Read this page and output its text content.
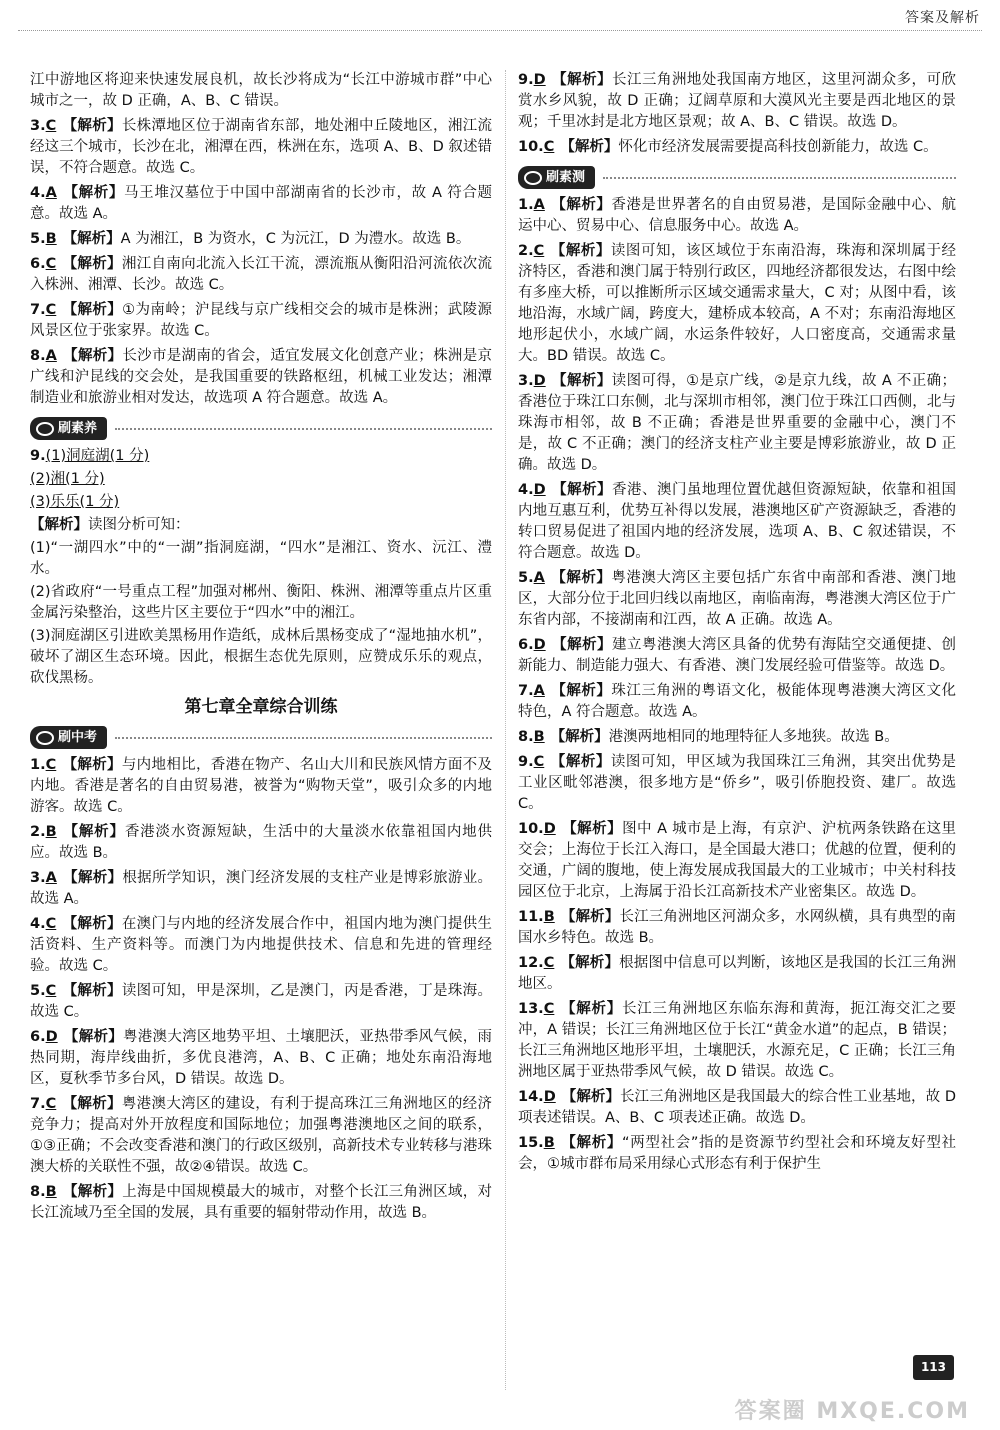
答案及解析
江中游地区将迎来快速发展良机，故长沙将成为“长江中游城市群”中心城市之一，故 D 正确，A、B、C 错误。
3.C 【解析】长株潭地区位于湖南省东部，地处湘中丘陵地区，湘江流经这三个城市，长沙在北，湘潭在西，株洲在东，选项 A、B、D 叙述错误，不符合题意。故选 C。
4.A 【解析】马王堆汉墓位于中国中部湖南省的长沙市，故 A 符合题意。故选 A。
5.B 【解析】A 为湘江，B 为资水，C 为沅江，D 为澧水。故选 B。
6.C 【解析】湘江自南向北流入长江干流，漂流瓶从衡阳沿河流依次流入株洲、湘潭、长沙。故选 C。
7.C 【解析】①为南岭；沪昆线与京广线相交会的城市是株洲；武陵源风景区位于张家界。故选 C。
8.A 【解析】长沙市是湖南的省会，适宜发展文化创意产业；株洲是京广线和沪昆线的交会处，是我国重要的铁路枢纽，机械工业发达；湘潭制造业和旅游业相对发达，故选项 A 符合题意。故选 A。
刷素养
9.(1)洞庭湖(1 分)
(2)湘(1 分)
(3)乐乐(1 分)
【解析】读图分析可知：
(1)“一湖四水”中的“一湖”指洞庭湖，“四水”是湘江、资水、沅江、澧水。
(2)省政府“一号重点工程”加强对郴州、衡阳、株洲、湘潭等重点片区重金属污染整治，这些片区主要位于“四水”中的湘江。
(3)洞庭湖区引进欧美黑杨用作造纸，成林后黑杨变成了“湿地抽水机”，破坏了湖区生态环境。因此，根据生态优先原则，应赞成乐乐的观点，砍伐黑杨。
第七章全章综合训练
刷中考
1.C 【解析】与内地相比，香港在物产、名山大川和民族风情方面不及内地。香港是著名的自由贸易港，被誉为“购物天堂”，吸引众多的内地游客。故选 C。
2.B 【解析】香港淡水资源短缺，生活中的大量淡水依靠祖国内地供应。故选 B。
3.A 【解析】根据所学知识，澳门经济发展的支柱产业是博彩旅游业。故选 A。
4.C 【解析】在澳门与内地的经济发展合作中，祖国内地为澳门提供生活资料、生产资料等。而澳门为内地提供技术、信息和先进的管理经验。故选 C。
5.C 【解析】读图可知，甲是深圳，乙是澳门，丙是香港，丁是珠海。故选 C。
6.D 【解析】粤港澳大湾区地势平坦、土壤肥沃，亚热带季风气候，雨热同期，海岸线曲折，多优良港湾，A、B、C 正确；地处东南沿海地区，夏秋季节多台风，D 错误。故选 D。
7.C 【解析】粤港澳大湾区的建设，有利于提高珠江三角洲地区的经济竞争力；提高对外开放程度和国际地位；加强粤港澳地区之间的联系，①③正确；不会改变香港和澳门的行政区级别，高新技术专业转移与港珠澳大桥的关联性不强，故②④错误。故选 C。
8.B 【解析】上海是中国规模最大的城市，对整个长江三角洲区域，对长江流域乃至全国的发展，具有重要的辐射带动作用，故选 B。
9.D 【解析】长江三角洲地处我国南方地区，这里河湖众多，可欣赏水乡风貌，故 D 正确；辽阔草原和大漠风光主要是西北地区的景观；千里冰封是北方地区景观；故 A、B、C 错误。故选 D。
10.C 【解析】怀化市经济发展需要提高科技创新能力，故选 C。
刷素测
1.A 【解析】香港是世界著名的自由贸易港，是国际金融中心、航运中心、贸易中心、信息服务中心。故选 A。
2.C 【解析】读图可知，该区域位于东南沿海，珠海和深圳属于经济特区，香港和澳门属于特别行政区，四地经济都很发达，右图中绘有多座大桥，可以推断所示区域交通需求量大，C 对；从图中看，该地沿海，水域广阔，跨度大，建桥成本较高，A 不对；东南沿海地区地形起伏小，水域广阔，水运条件较好，人口密度高，交通需求量大。BD 错误。故选 C。
3.D 【解析】读图可得，①是京广线，②是京九线，故 A 不正确；香港位于珠江口东侧，北与深圳市相邻，澳门位于珠江口西侧，北与珠海市相邻，故 B 不正确；香港是世界重要的金融中心，澳门不是，故 C 不正确；澳门的经济支柱产业主要是博彩旅游业，故 D 正确。故选 D。
4.D 【解析】香港、澳门虽地理位置优越但资源短缺，依靠和祖国内地互惠互利，优势互补得以发展，港澳地区矿产资源缺乏，香港的转口贸易促进了祖国内地的经济发展，选项 A、B、C 叙述错误，不符合题意。故选 D。
5.A 【解析】粤港澳大湾区主要包括广东省中南部和香港、澳门地区，大部分位于北回归线以南地区，南临南海，粤港澳大湾区位于广东省内部，不接湖南和江西，故 A 正确。故选 A。
6.D 【解析】建立粤港澳大湾区具备的优势有海陆空交通便捷、创新能力、制造能力强大、有香港、澳门发展经验可借鉴等。故选 D。
7.A 【解析】珠江三角洲的粤语文化，极能体现粤港澳大湾区文化特色，A 符合题意。故选 A。
8.B 【解析】港澳两地相同的地理特征人多地狭。故选 B。
9.C 【解析】读图可知，甲区域为我国珠江三角洲，其突出优势是工业区毗邻港澳，很多地方是“侨乡”，吸引侨胞投资、建厂。故选 C。
10.D 【解析】图中 A 城市是上海，有京沪、沪杭两条铁路在这里交会；上海位于长江入海口，是全国最大港口；优越的位置，便利的交通，广阔的腹地，使上海发展成我国最大的工业城市；中关村科技园区位于北京，上海属于沿长江高新技术产业密集区。故选 D。
11.B 【解析】长江三角洲地区河湖众多，水网纵横，具有典型的南国水乡特色。故选 B。
12.C 【解析】根据图中信息可以判断，该地区是我国的长江三角洲地区。
13.C 【解析】长江三角洲地区东临东海和黄海，扼江海交汇之要冲，A 错误；长江三角洲地区位于长江“黄金水道”的起点，B 错误；长江三角洲地区地形平坦，土壤肥沃，水源充足，C 正确；长江三角洲地区属于亚热带季风气候，故 D 错误。故选 C。
14.D 【解析】长江三角洲地区是我国最大的综合性工业基地，故 D 项表述错误。A、B、C 项表述正确。故选 D。
15.B 【解析】“两型社会”指的是资源节约型社会和环境友好型社会，①城市群布局采用绿心式形态有利于保护生
113
答案圈 MXQE.COM
